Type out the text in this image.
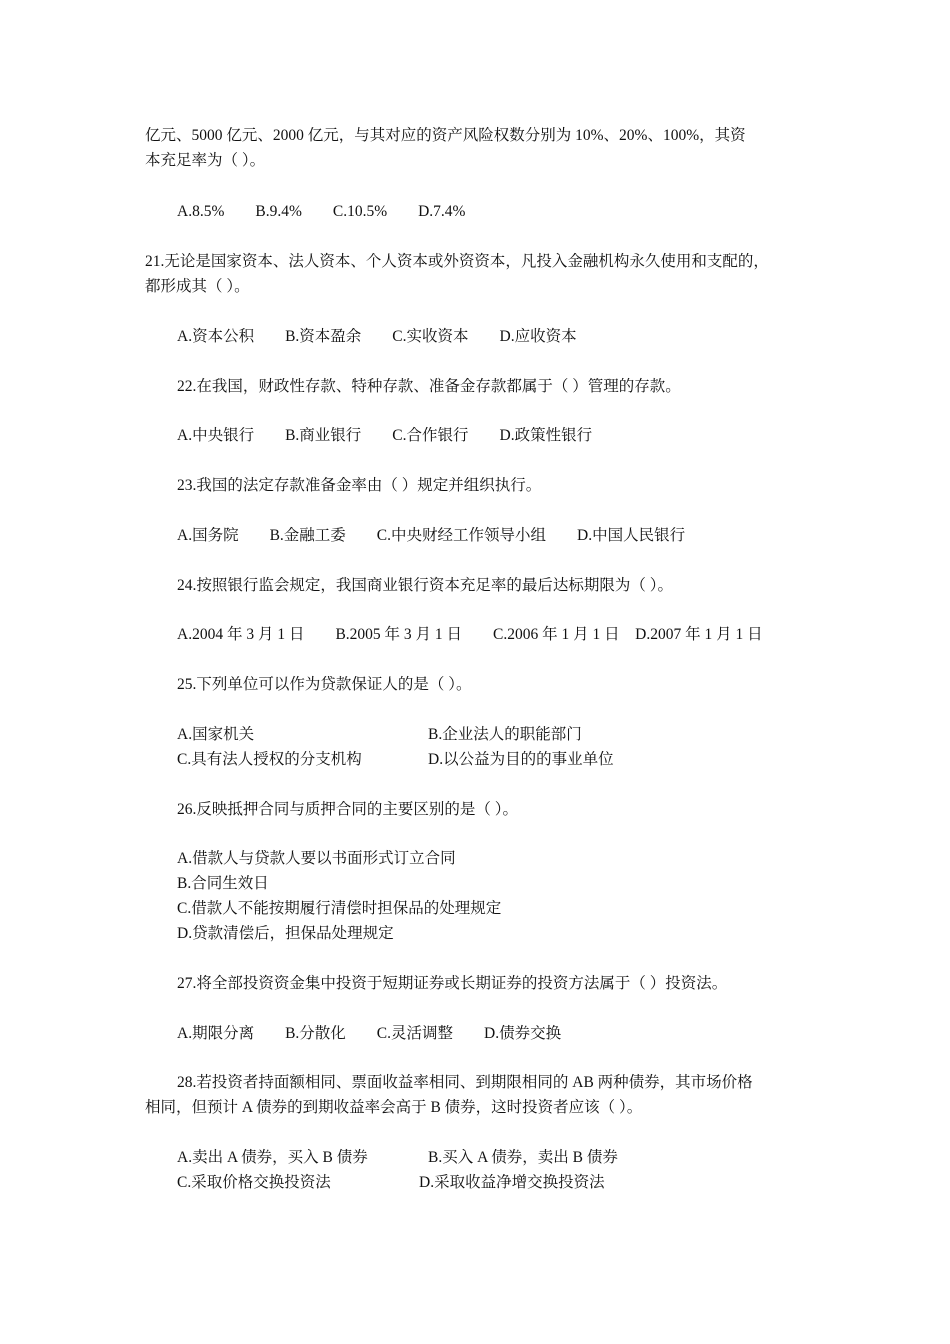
亿元、5000 亿元、2000 亿元，与其对应的资产风险权数分别为 10%、20%、100%，其资
本充足率为（ ）。
A.8.5%        B.9.4%        C.10.5%        D.7.4%
21.无论是国家资本、法人资本、个人资本或外资资本，凡投入金融机构永久使用和支配的，
都形成其（ ）。
A.资本公积        B.资本盈余        C.实收资本        D.应收资本
22.在我国，财政性存款、特种存款、准备金存款都属于（ ）管理的存款。
A.中央银行        B.商业银行        C.合作银行        D.政策性银行
23.我国的法定存款准备金率由（ ）规定并组织执行。
A.国务院        B.金融工委        C.中央财经工作领导小组        D.中国人民银行
24.按照银行监会规定，我国商业银行资本充足率的最后达标期限为（ ）。
A.2004 年 3 月 1 日        B.2005 年 3 月 1 日        C.2006 年 1 月 1 日    D.2007 年 1 月 1 日
25.下列单位可以作为贷款保证人的是（ ）。
A.国家机关	B.企业法人的职能部门
C.具有法人授权的分支机构	D.以公益为目的的事业单位
26.反映抵押合同与质押合同的主要区别的是（ ）。
A.借款人与贷款人要以书面形式订立合同
B.合同生效日
C.借款人不能按期履行清偿时担保品的处理规定
D.贷款清偿后，担保品处理规定
27.将全部投资资金集中投资于短期证券或长期证券的投资方法属于（ ）投资法。
A.期限分离        B.分散化        C.灵活调整        D.债券交换
28.若投资者持面额相同、票面收益率相同、到期限相同的 AB 两种债券，其市场价格
相同，但预计 A 债券的到期收益率会高于 B 债券，这时投资者应该（ ）。
A.卖出 A 债券，买入 B 债券	B.买入 A 债券，卖出 B 债券
C.采取价格交换投资法	D.采取收益净增交换投资法
